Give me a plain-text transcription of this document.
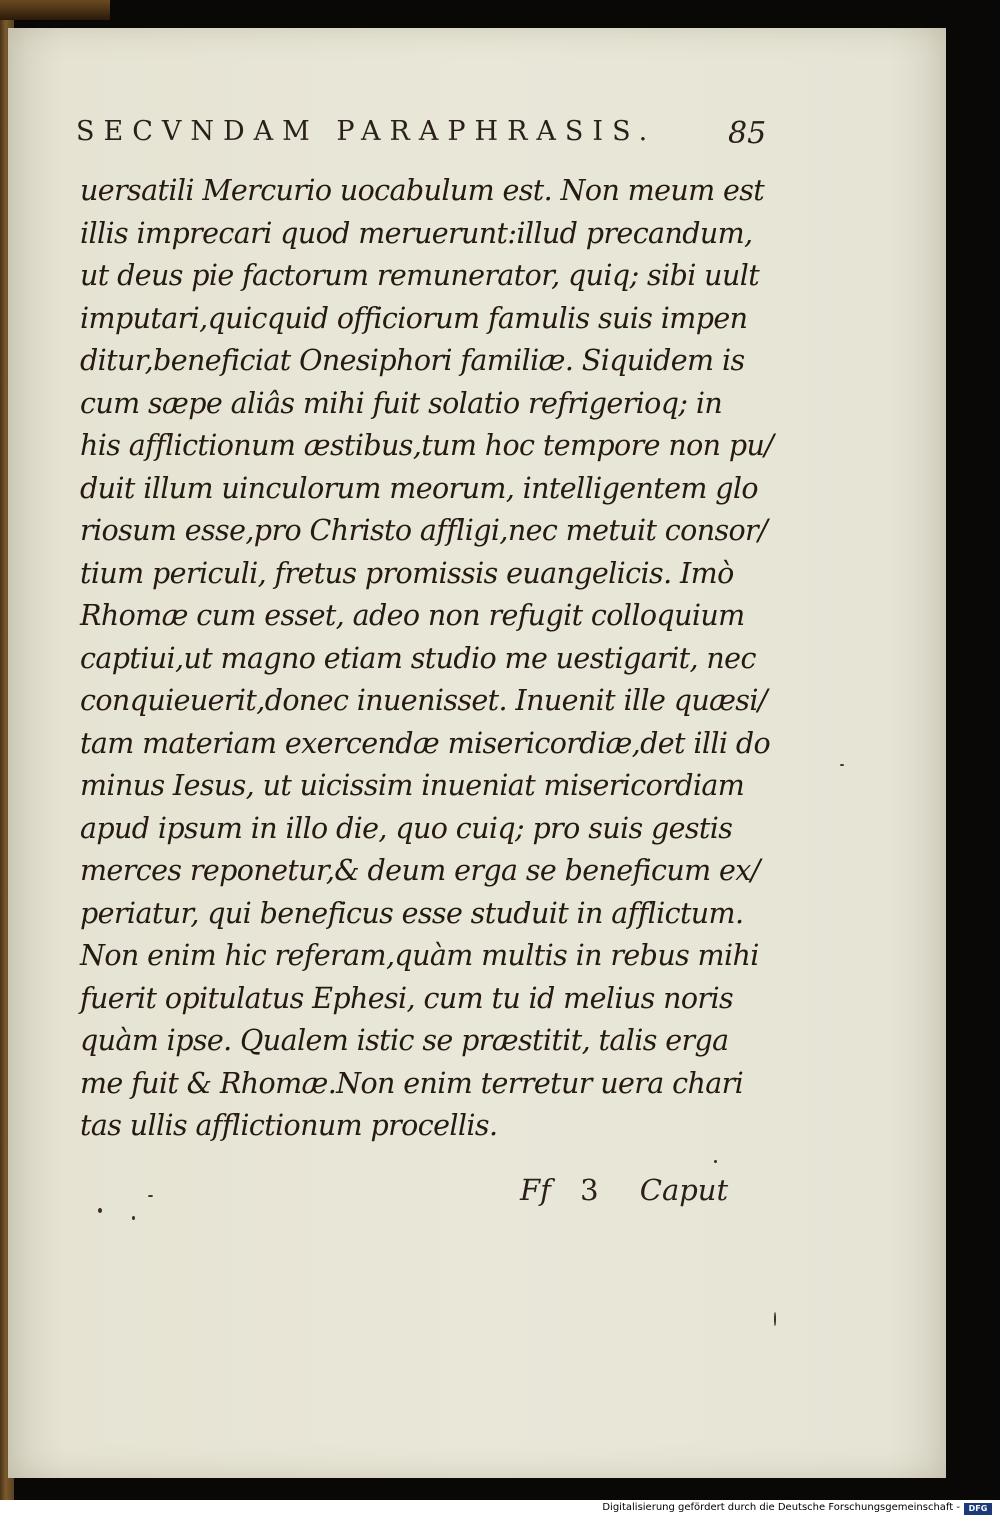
SECVNDAM PARAPHRASIS.	85
uersatili Mercurio uocabulum est. Non meum est
illis imprecari quod meruerunt:illud precandum,
ut deus pie factorum remunerator, quiq; sibi uult
imputari,quicquid officiorum famulis suis impen
ditur,beneficiat Onesiphori familiæ. Siquidem is
cum sæpe aliâs mihi fuit solatio refrigerioq; in
his afflictionum æstibus,tum hoc tempore non pu/
duit illum uinculorum meorum, intelligentem glo
riosum esse,pro Christo affligi,nec metuit consor/
tium periculi, fretus promissis euangelicis. Imò
Rhomæ cum esset, adeo non refugit colloquium
captiui,ut magno etiam studio me uestigarit, nec
conquieuerit,donec inuenisset. Inuenit ille quæsi/
tam materiam exercendæ misericordiæ,det illi do
minus Iesus, ut uicissim inueniat misericordiam
apud ipsum in illo die, quo cuiq; pro suis gestis
merces reponetur,& deum erga se beneficum ex/
periatur, qui beneficus esse studuit in afflictum.
Non enim hic referam,quàm multis in rebus mihi
fuerit opitulatus Ephesi, cum tu id melius noris
quàm ipse. Qualem istic se præstitit, talis erga
me fuit & Rhomæ.Non enim terretur uera chari
tas ullis afflictionum procellis.
Ff 3 Caput
Digitalisierung gefördert durch die Deutsche Forschungsgemeinschaft -	DFG
